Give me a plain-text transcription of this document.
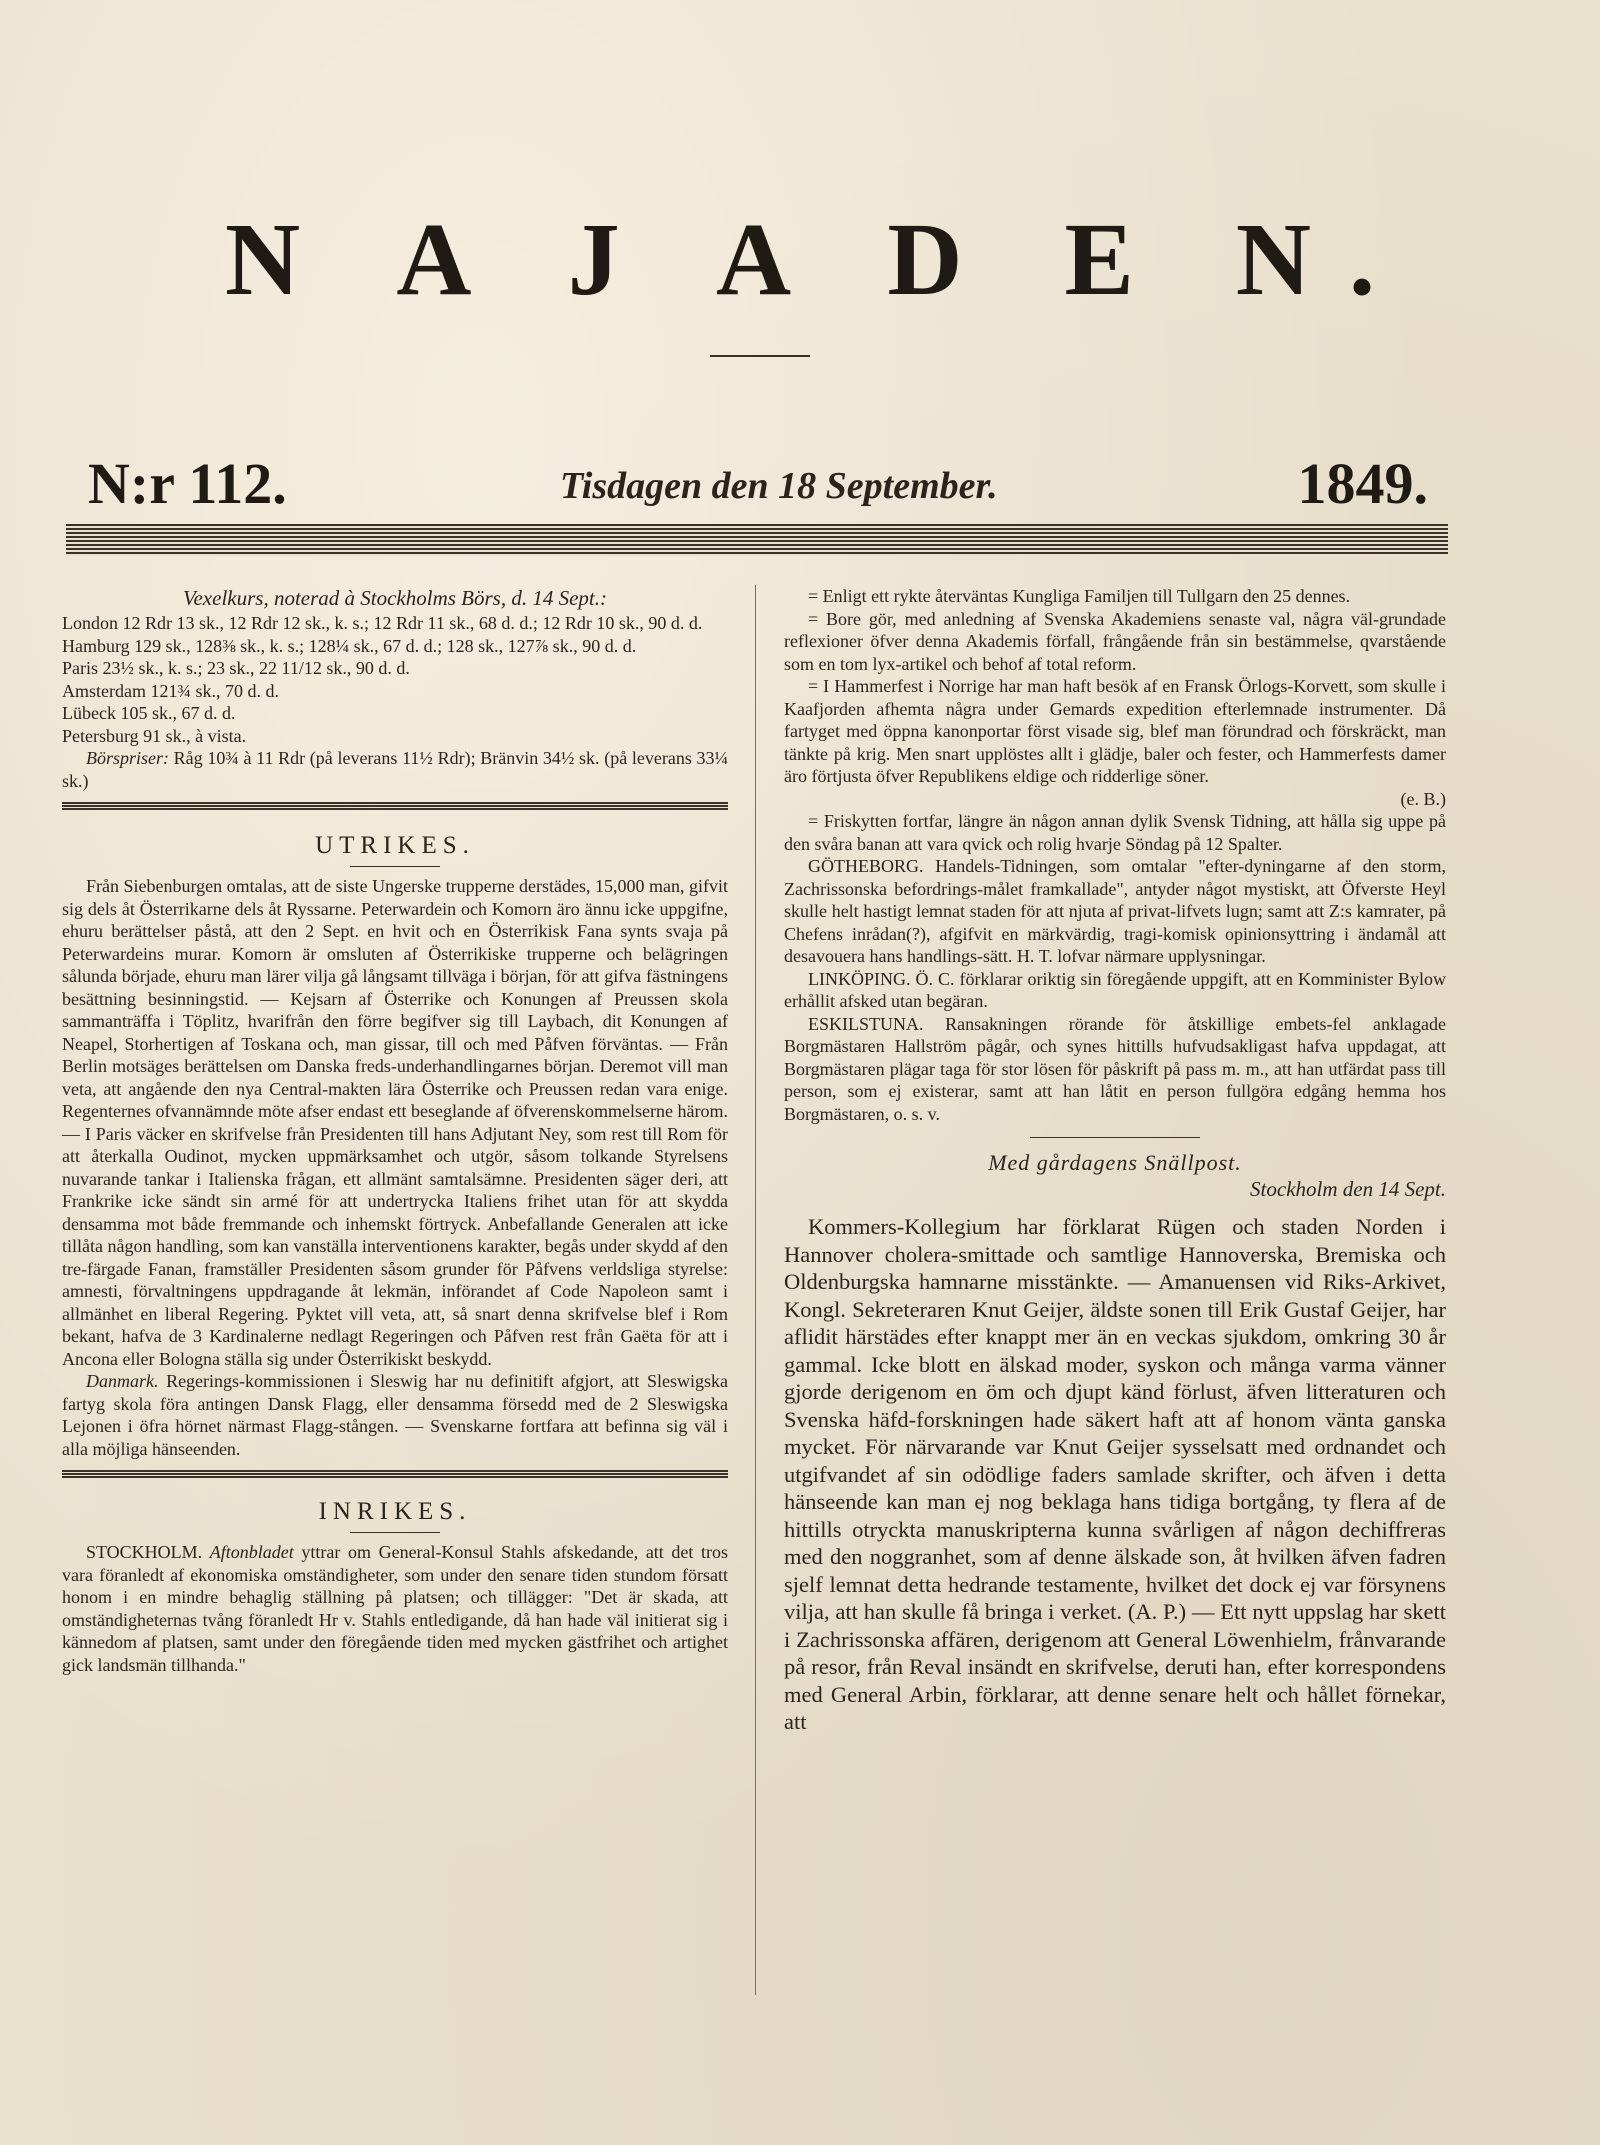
N A J A D E N.
N:r 112.	Tisdagen den 18 September.	1849.

Vexelkurs, noterad à Stockholms Börs, d. 14 Sept.:

London 12 Rdr 13 sk., 12 Rdr 12 sk., k. s.; 12 Rdr 11 sk., 68 d. d.; 12 Rdr 10 sk., 90 d. d.

Hamburg 129 sk., 128⅜ sk., k. s.; 128¼ sk., 67 d. d.; 128 sk., 127⅞ sk., 90 d. d.

Paris 23½ sk., k. s.; 23 sk., 22 11/12 sk., 90 d. d.

Amsterdam 121¾ sk., 70 d. d.

Lübeck 105 sk., 67 d. d.

Petersburg 91 sk., à vista.

Börspriser: Råg 10¾ à 11 Rdr (på leverans 11½ Rdr); Bränvin 34½ sk. (på leverans 33¼ sk.)

UTRIKES.

Från Siebenburgen omtalas, att de siste Ungerske trupperne derstädes, 15,000 man, gifvit sig dels åt Österrikarne dels åt Ryssarne. Peterwardein och Komorn äro ännu icke uppgifne, ehuru berättelser påstå, att den 2 Sept. en hvit och en Österrikisk Fana synts svaja på Peterwardeins murar. Komorn är omsluten af Österrikiske trupperne och belägringen sålunda började, ehuru man lärer vilja gå långsamt tillväga i början, för att gifva fästningens besättning besinningstid. — Kejsarn af Österrike och Konungen af Preussen skola sammanträffa i Töplitz, hvarifrån den förre begifver sig till Laybach, dit Konungen af Neapel, Storhertigen af Toskana och, man gissar, till och med Påfven förväntas. — Från Berlin motsäges berättelsen om Danska freds-underhandlingarnes början. Deremot vill man veta, att angående den nya Central-makten lära Österrike och Preussen redan vara enige. Regenternes ofvannämnde möte afser endast ett beseglande af öfverenskommelserne härom. — I Paris väcker en skrifvelse från Presidenten till hans Adjutant Ney, som rest till Rom för att återkalla Oudinot, mycken uppmärksamhet och utgör, såsom tolkande Styrelsens nuvarande tankar i Italienska frågan, ett allmänt samtalsämne. Presidenten säger deri, att Frankrike icke sändt sin armé för att undertrycka Italiens frihet utan för att skydda densamma mot både fremmande och inhemskt förtryck. Anbefallande Generalen att icke tillåta någon handling, som kan vanställa interventionens karakter, begås under skydd af den tre-färgade Fanan, framställer Presidenten såsom grunder för Påfvens verldsliga styrelse: amnesti, förvaltningens uppdragande åt lekmän, införandet af Code Napoleon samt i allmänhet en liberal Regering. Pyktet vill veta, att, så snart denna skrifvelse blef i Rom bekant, hafva de 3 Kardinalerne nedlagt Regeringen och Påfven rest från Gaëta för att i Ancona eller Bologna ställa sig under Österrikiskt beskydd.

Danmark. Regerings-kommissionen i Sleswig har nu definitift afgjort, att Sleswigska fartyg skola föra antingen Dansk Flagg, eller densamma försedd med de 2 Sleswigska Lejonen i öfra hörnet närmast Flagg-stången. — Svenskarne fortfara att befinna sig väl i alla möjliga hänseenden.

INRIKES.

STOCKHOLM. Aftonbladet yttrar om General-Konsul Stahls afskedande, att det tros vara föranledt af ekonomiska omständigheter, som under den senare tiden stundom försatt honom i en mindre behaglig ställning på platsen; och tillägger: "Det är skada, att omständigheternas tvång föranledt Hr v. Stahls entledigande, då han hade väl initierat sig i kännedom af platsen, samt under den föregående tiden med mycken gästfrihet och artighet gick landsmän tillhanda."

= Enligt ett rykte återväntas Kungliga Familjen till Tullgarn den 25 dennes.

= Bore gör, med anledning af Svenska Akademiens senaste val, några väl-grundade reflexioner öfver denna Akademis förfall, frångående från sin bestämmelse, qvarstående som en tom lyx-artikel och behof af total reform.

= I Hammerfest i Norrige har man haft besök af en Fransk Örlogs-Korvett, som skulle i Kaafjorden afhemta några under Gemards expedition efterlemnade instrumenter. Då fartyget med öppna kanonportar först visade sig, blef man förundrad och förskräckt, man tänkte på krig. Men snart upplöstes allt i glädje, baler och fester, och Hammerfests damer äro förtjusta öfver Republikens eldige och ridderlige söner.

(e. B.)

= Friskytten fortfar, längre än någon annan dylik Svensk Tidning, att hålla sig uppe på den svåra banan att vara qvick och rolig hvarje Söndag på 12 Spalter.

GÖTHEBORG. Handels-Tidningen, som omtalar "efter-dyningarne af den storm, Zachrissonska befordrings-målet framkallade", antyder något mystiskt, att Öfverste Heyl skulle helt hastigt lemnat staden för att njuta af privat-lifvets lugn; samt att Z:s kamrater, på Chefens inrådan(?), afgifvit en märkvärdig, tragi-komisk opinionsyttring i ändamål att desavouera hans handlings-sätt. H. T. lofvar närmare upplysningar.

LINKÖPING. Ö. C. förklarar oriktig sin föregående uppgift, att en Komminister Bylow erhållit afsked utan begäran.

ESKILSTUNA. Ransakningen rörande för åtskillige embets-fel anklagade Borgmästaren Hallström pågår, och synes hittills hufvudsakligast hafva uppdagat, att Borgmästaren plägar taga för stor lösen för påskrift på pass m. m., att han utfärdat pass till person, som ej existerar, samt att han låtit en person fullgöra edgång hemma hos Borgmästaren, o. s. v.

Med gårdagens Snällpost.

Stockholm den 14 Sept.

Kommers-Kollegium har förklarat Rügen och staden Norden i Hannover cholera-smittade och samtlige Hannoverska, Bremiska och Oldenburgska hamnarne misstänkte. — Amanuensen vid Riks-Arkivet, Kongl. Sekreteraren Knut Geijer, äldste sonen till Erik Gustaf Geijer, har aflidit härstädes efter knappt mer än en veckas sjukdom, omkring 30 år gammal. Icke blott en älskad moder, syskon och många varma vänner gjorde derigenom en öm och djupt känd förlust, äfven litteraturen och Svenska häfd-forskningen hade säkert haft att af honom vänta ganska mycket. För närvarande var Knut Geijer sysselsatt med ordnandet och utgifvandet af sin odödlige faders samlade skrifter, och äfven i detta hänseende kan man ej nog beklaga hans tidiga bortgång, ty flera af de hittills otryckta manuskripterna kunna svårligen af någon dechiffreras med den noggranhet, som af denne älskade son, åt hvilken äfven fadren sjelf lemnat detta hedrande testamente, hvilket det dock ej var försynens vilja, att han skulle få bringa i verket. (A. P.) — Ett nytt uppslag har skett i Zachrissonska affären, derigenom att General Löwenhielm, frånvarande på resor, från Reval insändt en skrifvelse, deruti han, efter korrespondens med General Arbin, förklarar, att denne senare helt och hållet förnekar, att
